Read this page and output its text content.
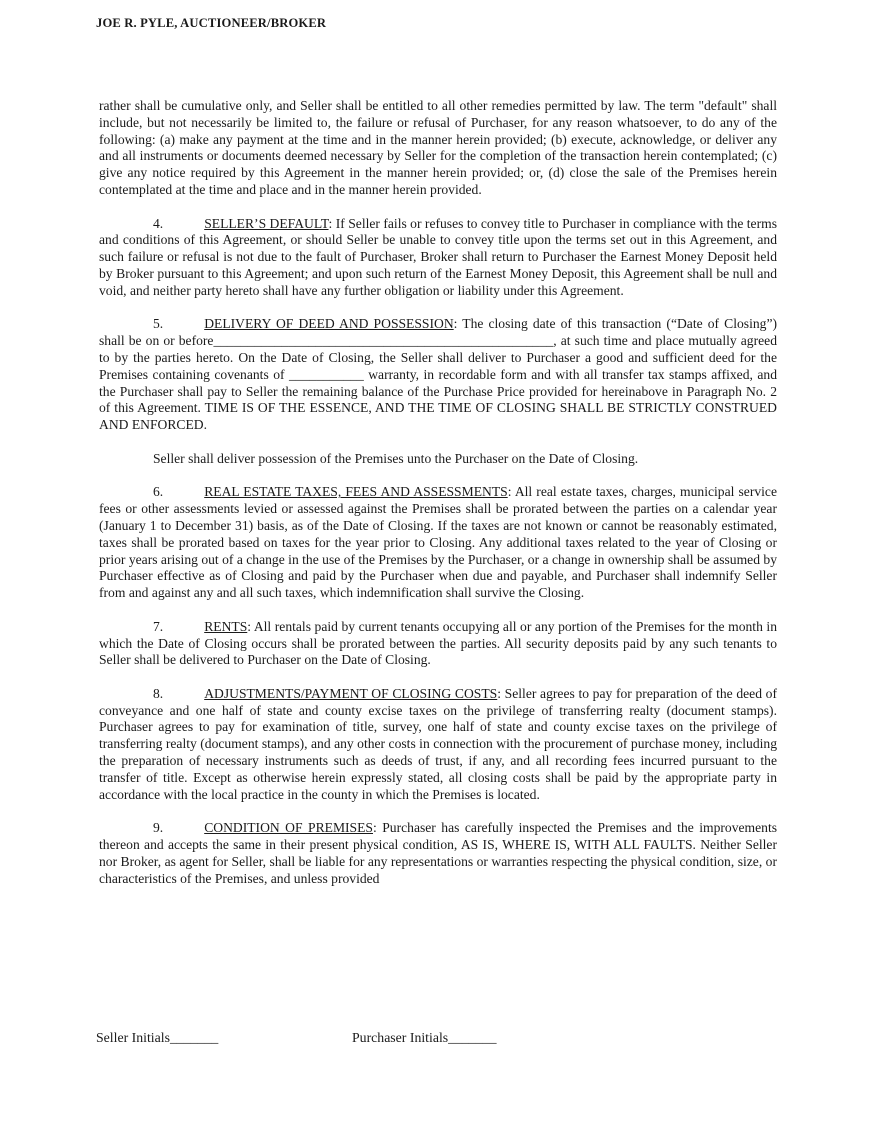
JOE R. PYLE, AUCTIONEER/BROKER

rather shall be cumulative only, and Seller shall be entitled to all other remedies permitted by law. The term "default" shall include, but not necessarily be limited to, the failure or refusal of Purchaser, for any reason whatsoever, to do any of the following: (a) make any payment at the time and in the manner herein provided; (b) execute, acknowledge, or deliver any and all instruments or documents deemed necessary by Seller for the completion of the transaction herein contemplated; (c) give any notice required by this Agreement in the manner herein provided; or, (d) close the sale of the Premises herein contemplated at the time and place and in the manner herein provided.

4.	SELLER’S DEFAULT: If Seller fails or refuses to convey title to Purchaser in compliance with the terms and conditions of this Agreement, or should Seller be unable to convey title upon the terms set out in this Agreement, and such failure or refusal is not due to the fault of Purchaser, Broker shall return to Purchaser the Earnest Money Deposit held by Broker pursuant to this Agreement; and upon such return of the Earnest Money Deposit, this Agreement shall be null and void, and neither party hereto shall have any further obligation or liability under this Agreement.

5.	DELIVERY OF DEED AND POSSESSION: The closing date of this transaction (“Date of Closing”) shall be on or before__________________________________________________, at such time and place mutually agreed to by the parties hereto. On the Date of Closing, the Seller shall deliver to Purchaser a good and sufficient deed for the Premises containing covenants of ___________ warranty, in recordable form and with all transfer tax stamps affixed, and the Purchaser shall pay to Seller the remaining balance of the Purchase Price provided for hereinabove in Paragraph No. 2 of this Agreement. TIME IS OF THE ESSENCE, AND THE TIME OF CLOSING SHALL BE STRICTLY CONSTRUED AND ENFORCED.

Seller shall deliver possession of the Premises unto the Purchaser on the Date of Closing.

6.	REAL ESTATE TAXES, FEES AND ASSESSMENTS: All real estate taxes, charges, municipal service fees or other assessments levied or assessed against the Premises shall be prorated between the parties on a calendar year (January 1 to December 31) basis, as of the Date of Closing. If the taxes are not known or cannot be reasonably estimated, taxes shall be prorated based on taxes for the year prior to Closing. Any additional taxes related to the year of Closing or prior years arising out of a change in the use of the Premises by the Purchaser, or a change in ownership shall be assumed by Purchaser effective as of Closing and paid by the Purchaser when due and payable, and Purchaser shall indemnify Seller from and against any and all such taxes, which indemnification shall survive the Closing.

7.	RENTS: All rentals paid by current tenants occupying all or any portion of the Premises for the month in which the Date of Closing occurs shall be prorated between the parties. All security deposits paid by any such tenants to Seller shall be delivered to Purchaser on the Date of Closing.

8.	ADJUSTMENTS/PAYMENT OF CLOSING COSTS: Seller agrees to pay for preparation of the deed of conveyance and one half of state and county excise taxes on the privilege of transferring realty (document stamps). Purchaser agrees to pay for examination of title, survey, one half of state and county excise taxes on the privilege of transferring realty (document stamps), and any other costs in connection with the procurement of purchase money, including the preparation of necessary instruments such as deeds of trust, if any, and all recording fees incurred pursuant to the transfer of title. Except as otherwise herein expressly stated, all closing costs shall be paid by the appropriate party in accordance with the local practice in the county in which the Premises is located.

9.	CONDITION OF PREMISES: Purchaser has carefully inspected the Premises and the improvements thereon and accepts the same in their present physical condition, AS IS, WHERE IS, WITH ALL FAULTS. Neither Seller nor Broker, as agent for Seller, shall be liable for any representations or warranties respecting the physical condition, size, or characteristics of the Premises, and unless provided

Seller Initials_______	Purchaser Initials_______
